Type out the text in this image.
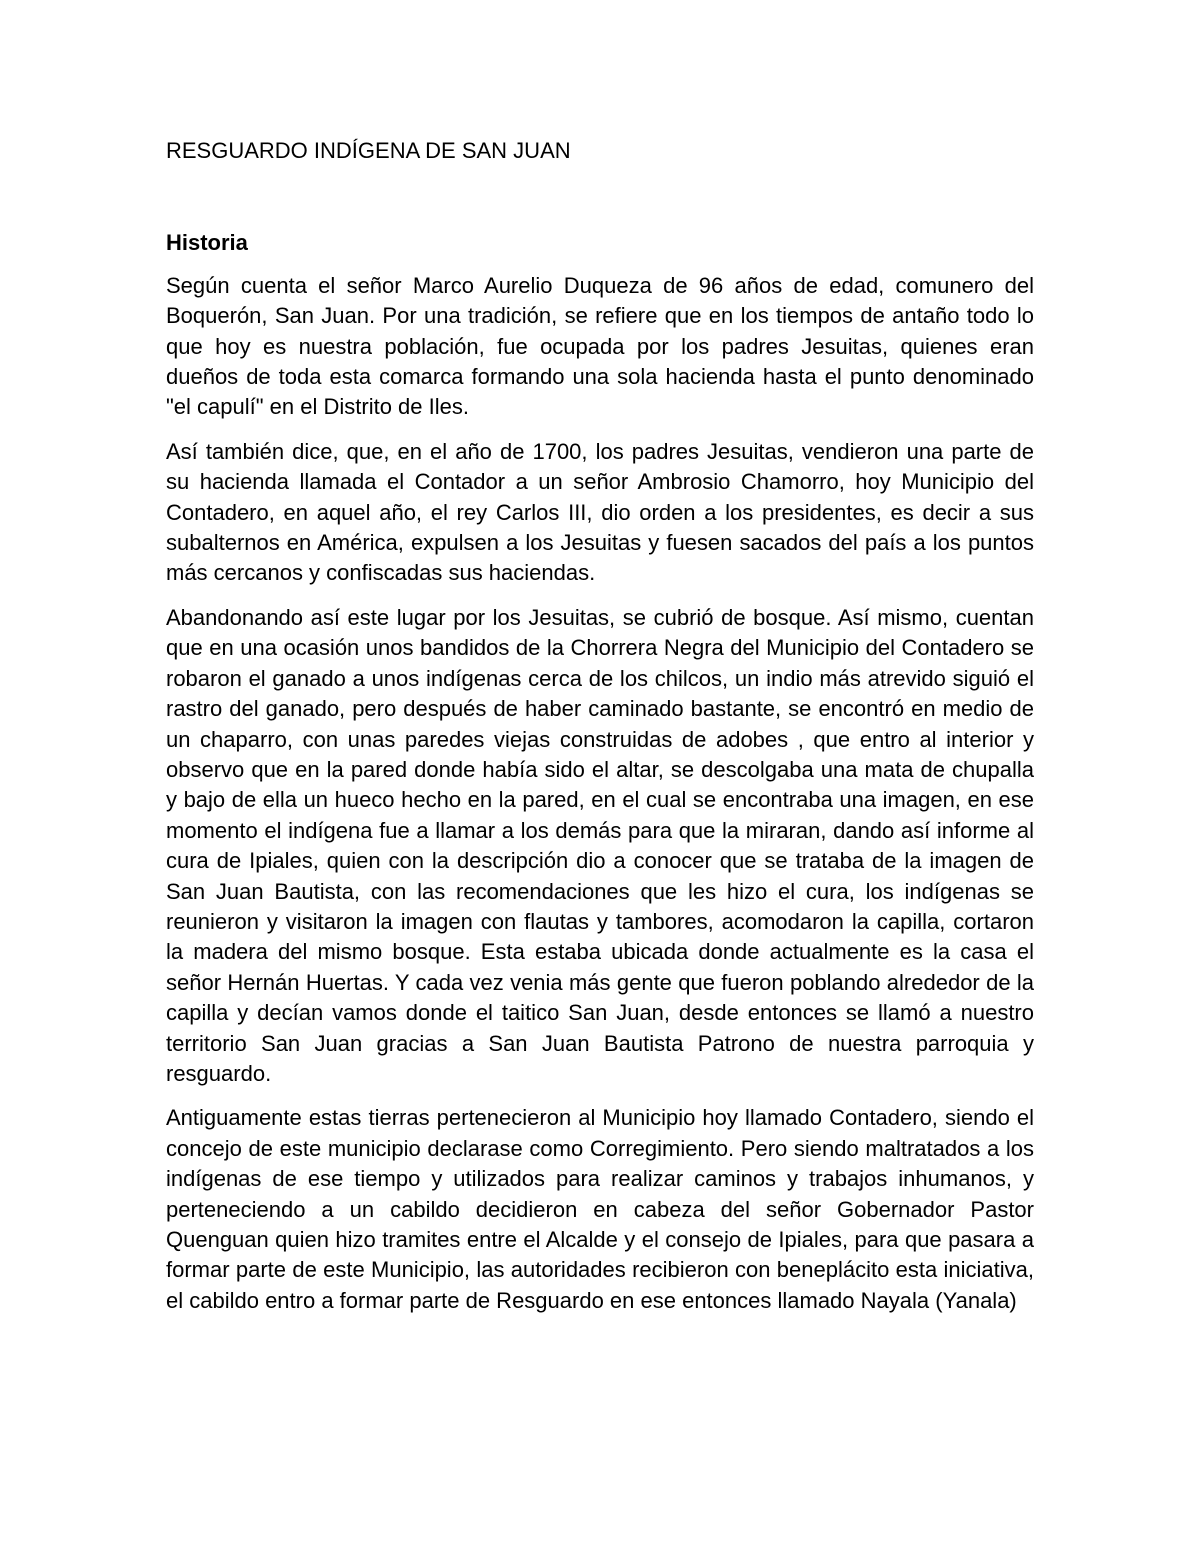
RESGUARDO INDÍGENA DE SAN JUAN
Historia

Según cuenta el señor Marco Aurelio Duqueza de 96 años de edad, comunero del Boquerón, San Juan. Por una tradición, se refiere que en los tiempos de antaño todo lo que hoy es nuestra población, fue ocupada por los padres Jesuitas, quienes eran dueños de toda esta comarca formando una sola hacienda hasta el punto denominado "el capulí" en el Distrito de Iles.

Así también dice, que, en el año de 1700, los padres Jesuitas, vendieron una parte de su hacienda llamada el Contador a un señor Ambrosio Chamorro, hoy Municipio del Contadero, en aquel año, el rey Carlos III, dio orden a los presidentes, es decir a sus subalternos en América, expulsen a los Jesuitas y fuesen sacados del país a los puntos más cercanos y confiscadas sus haciendas.

Abandonando así este lugar por los Jesuitas, se cubrió de bosque. Así mismo, cuentan que en una ocasión unos bandidos de la Chorrera Negra del Municipio del Contadero se robaron el ganado a unos indígenas cerca de los chilcos, un indio más atrevido siguió el rastro del ganado, pero después de haber caminado bastante, se encontró en medio de un chaparro, con unas paredes viejas construidas de adobes , que entro al interior y observo que en la pared donde había sido el altar, se descolgaba una mata de chupalla y bajo de ella un hueco hecho en la pared, en el cual se encontraba una imagen, en ese momento el indígena fue a llamar a los demás para que la miraran, dando así informe al cura de Ipiales, quien con la descripción dio a conocer que se trataba de la imagen de San Juan Bautista, con las recomendaciones que les hizo el cura, los indígenas se reunieron y visitaron la imagen con flautas y tambores, acomodaron la capilla, cortaron la madera del mismo bosque. Esta estaba ubicada donde actualmente es la casa el señor Hernán Huertas. Y cada vez venia más gente que fueron poblando alrededor de la capilla y decían vamos donde el taitico San Juan, desde entonces se llamó a nuestro territorio San Juan gracias a San Juan Bautista Patrono de nuestra parroquia y resguardo.

Antiguamente estas tierras pertenecieron al Municipio hoy llamado Contadero, siendo el concejo de este municipio declarase como Corregimiento. Pero siendo maltratados a los indígenas de ese tiempo y utilizados para realizar caminos y trabajos inhumanos, y perteneciendo a un cabildo decidieron en cabeza del señor Gobernador Pastor Quenguan quien hizo tramites entre el Alcalde y el consejo de Ipiales, para que pasara a formar parte de este Municipio, las autoridades recibieron con beneplácito esta iniciativa, el cabildo entro a formar parte de Resguardo en ese entonces llamado Nayala (Yanala)
